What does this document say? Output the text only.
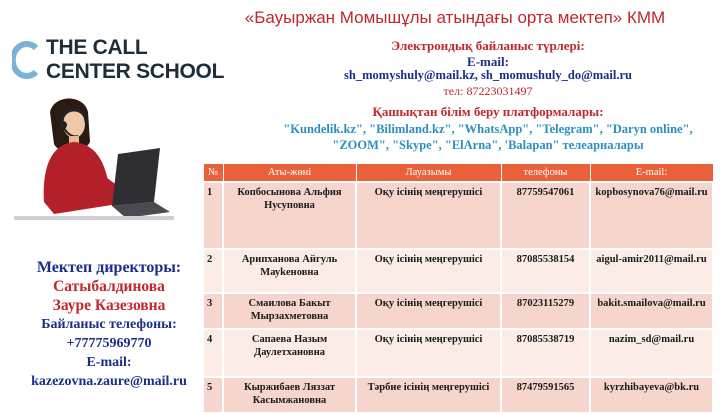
«Бауыржан Момышұлы атындағы орта мектеп» КММ
THE CALL
CENTER SCHOOL
Электрондық байланыс түрлері:
E-mail:
sh_momyshuly@mail.kz, sh_momushuly_do@mail.ru
тел: 87223031497
Қашықтан білім беру платформалары:
"Kundelik.kz", "Bilimland.kz", "WhatsApp", "Telegram", "Daryn online",
"ZOOM", "Skype", "ElArna", 'Balapan" телеарналары
Мектеп директоры:
Сатыбалдинова
Зауре Казезовна
Байланыс телефоны:
+77775969770
E-mail:
kazezovna.zaure@mail.ru
№	Аты-жөні	Лауазымы	телефоны	E-mail:
1	Копбосынова Альфия Нусуповна	Оқу ісінің меңгерушісі	87759547061	kopbosynova76@mail.ru
2	Арипханова Айгуль Мауkеновна	Оқу ісінің меңгерушісі	87085538154	aigul-amir2011@mail.ru
3	Смаилова Бакыт Мырзахметовна	Оқу ісінің меңгерушісі	87023115279	bakit.smailova@mail.ru
4	Сапаева Назым Даулетхановна	Оқу ісінің меңгерушісі	87085538719	nazim_sd@mail.ru
5	Кыржибаев Ляззат Касымжановна	Тәрбие ісінің меңгерушісі	87479591565	kyrzhibayeva@bk.ru
